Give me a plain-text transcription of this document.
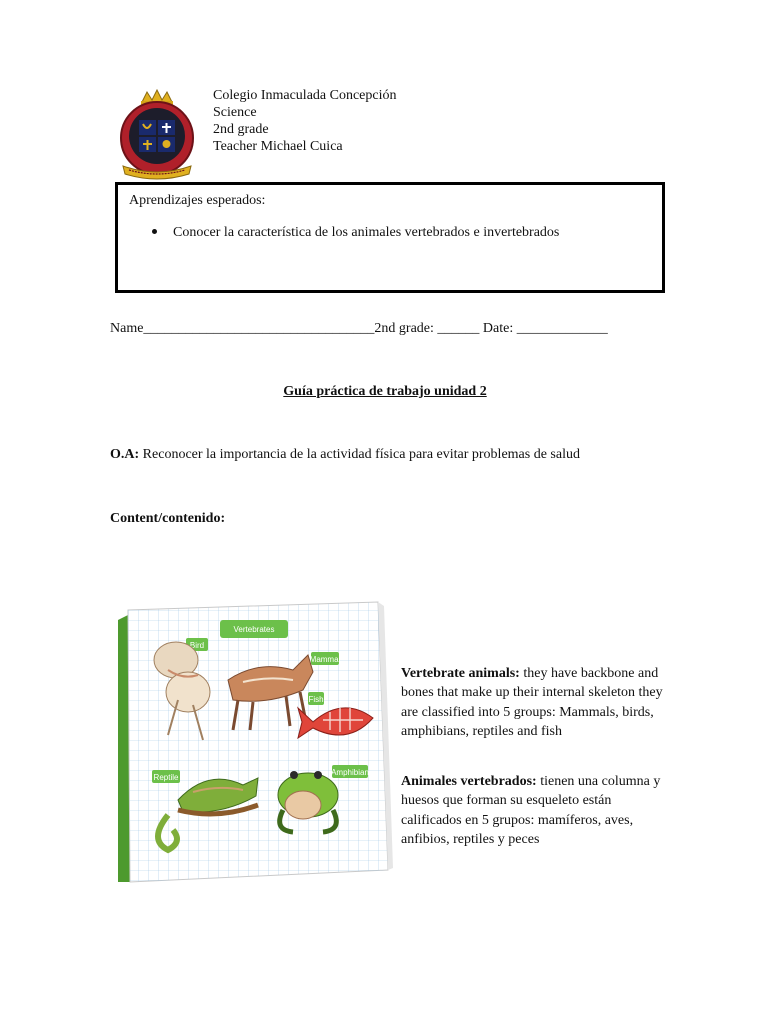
Colegio Inmaculada Concepción
Science
2nd grade
Teacher Michael Cuica
Aprendizajes esperados:
Conocer la característica de los animales vertebrados e invertebrados
Name_________________________________2nd grade: ______ Date: _____________
Guía práctica de trabajo unidad 2
O.A: Reconocer la importancia de la actividad física para evitar problemas de salud
Content/contenido:
Vertebrates
Bird
Mammal
Fish
Reptile
Amphibian
Vertebrate animals: they have backbone and bones that make up their internal skeleton they are classified into 5 groups: Mammals, birds, amphibians, reptiles and fish
Animales vertebrados: tienen una columna y huesos que forman su esqueleto están calificados en 5 grupos: mamíferos, aves, anfibios, reptiles y peces
